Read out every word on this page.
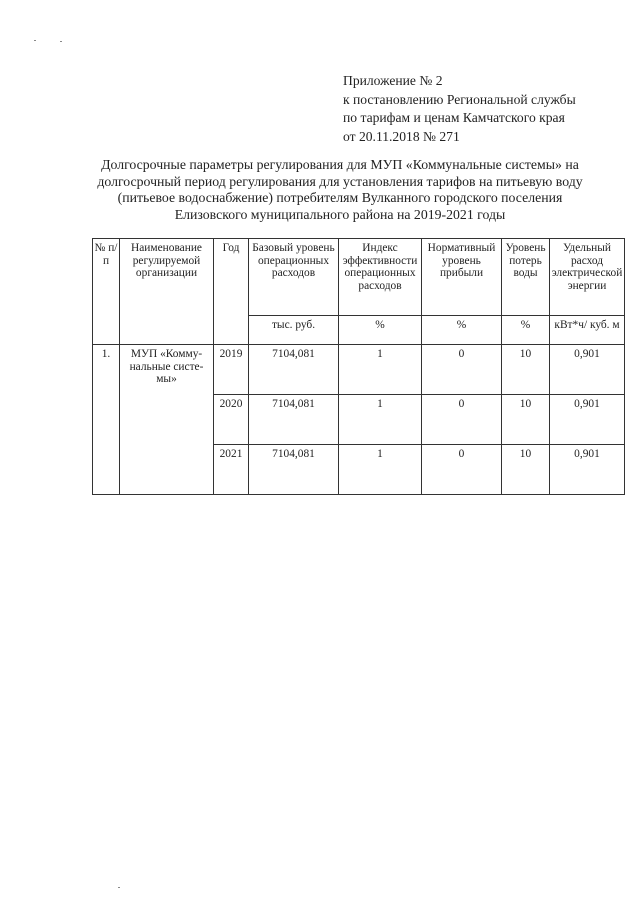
Приложение № 2
к постановлению Региональной службы
по тарифам и ценам Камчатского края
от 20.11.2018 № 271
Долгосрочные параметры регулирования для МУП «Коммунальные системы» на
долгосрочный период регулирования для установления тарифов на питьевую воду
(питьевое водоснабжение) потребителям Вулканного городского поселения
Елизовского муниципального района на 2019-2021 годы
№ п/п	Наименование регулируемой организации	Год	Базовый уровень операционных расходов	Индекс эффективности операционных расходов	Нормативный уровень прибыли	Уровень потерь воды	Удельный расход электрической энергии
			тыс. руб.	%	%	%	кВт*ч/ куб. м
1.	МУП «Комму-нальные систе-мы»	2019	7104,081	1	0	10	0,901
		2020	7104,081	1	0	10	0,901
		2021	7104,081	1	0	10	0,901
